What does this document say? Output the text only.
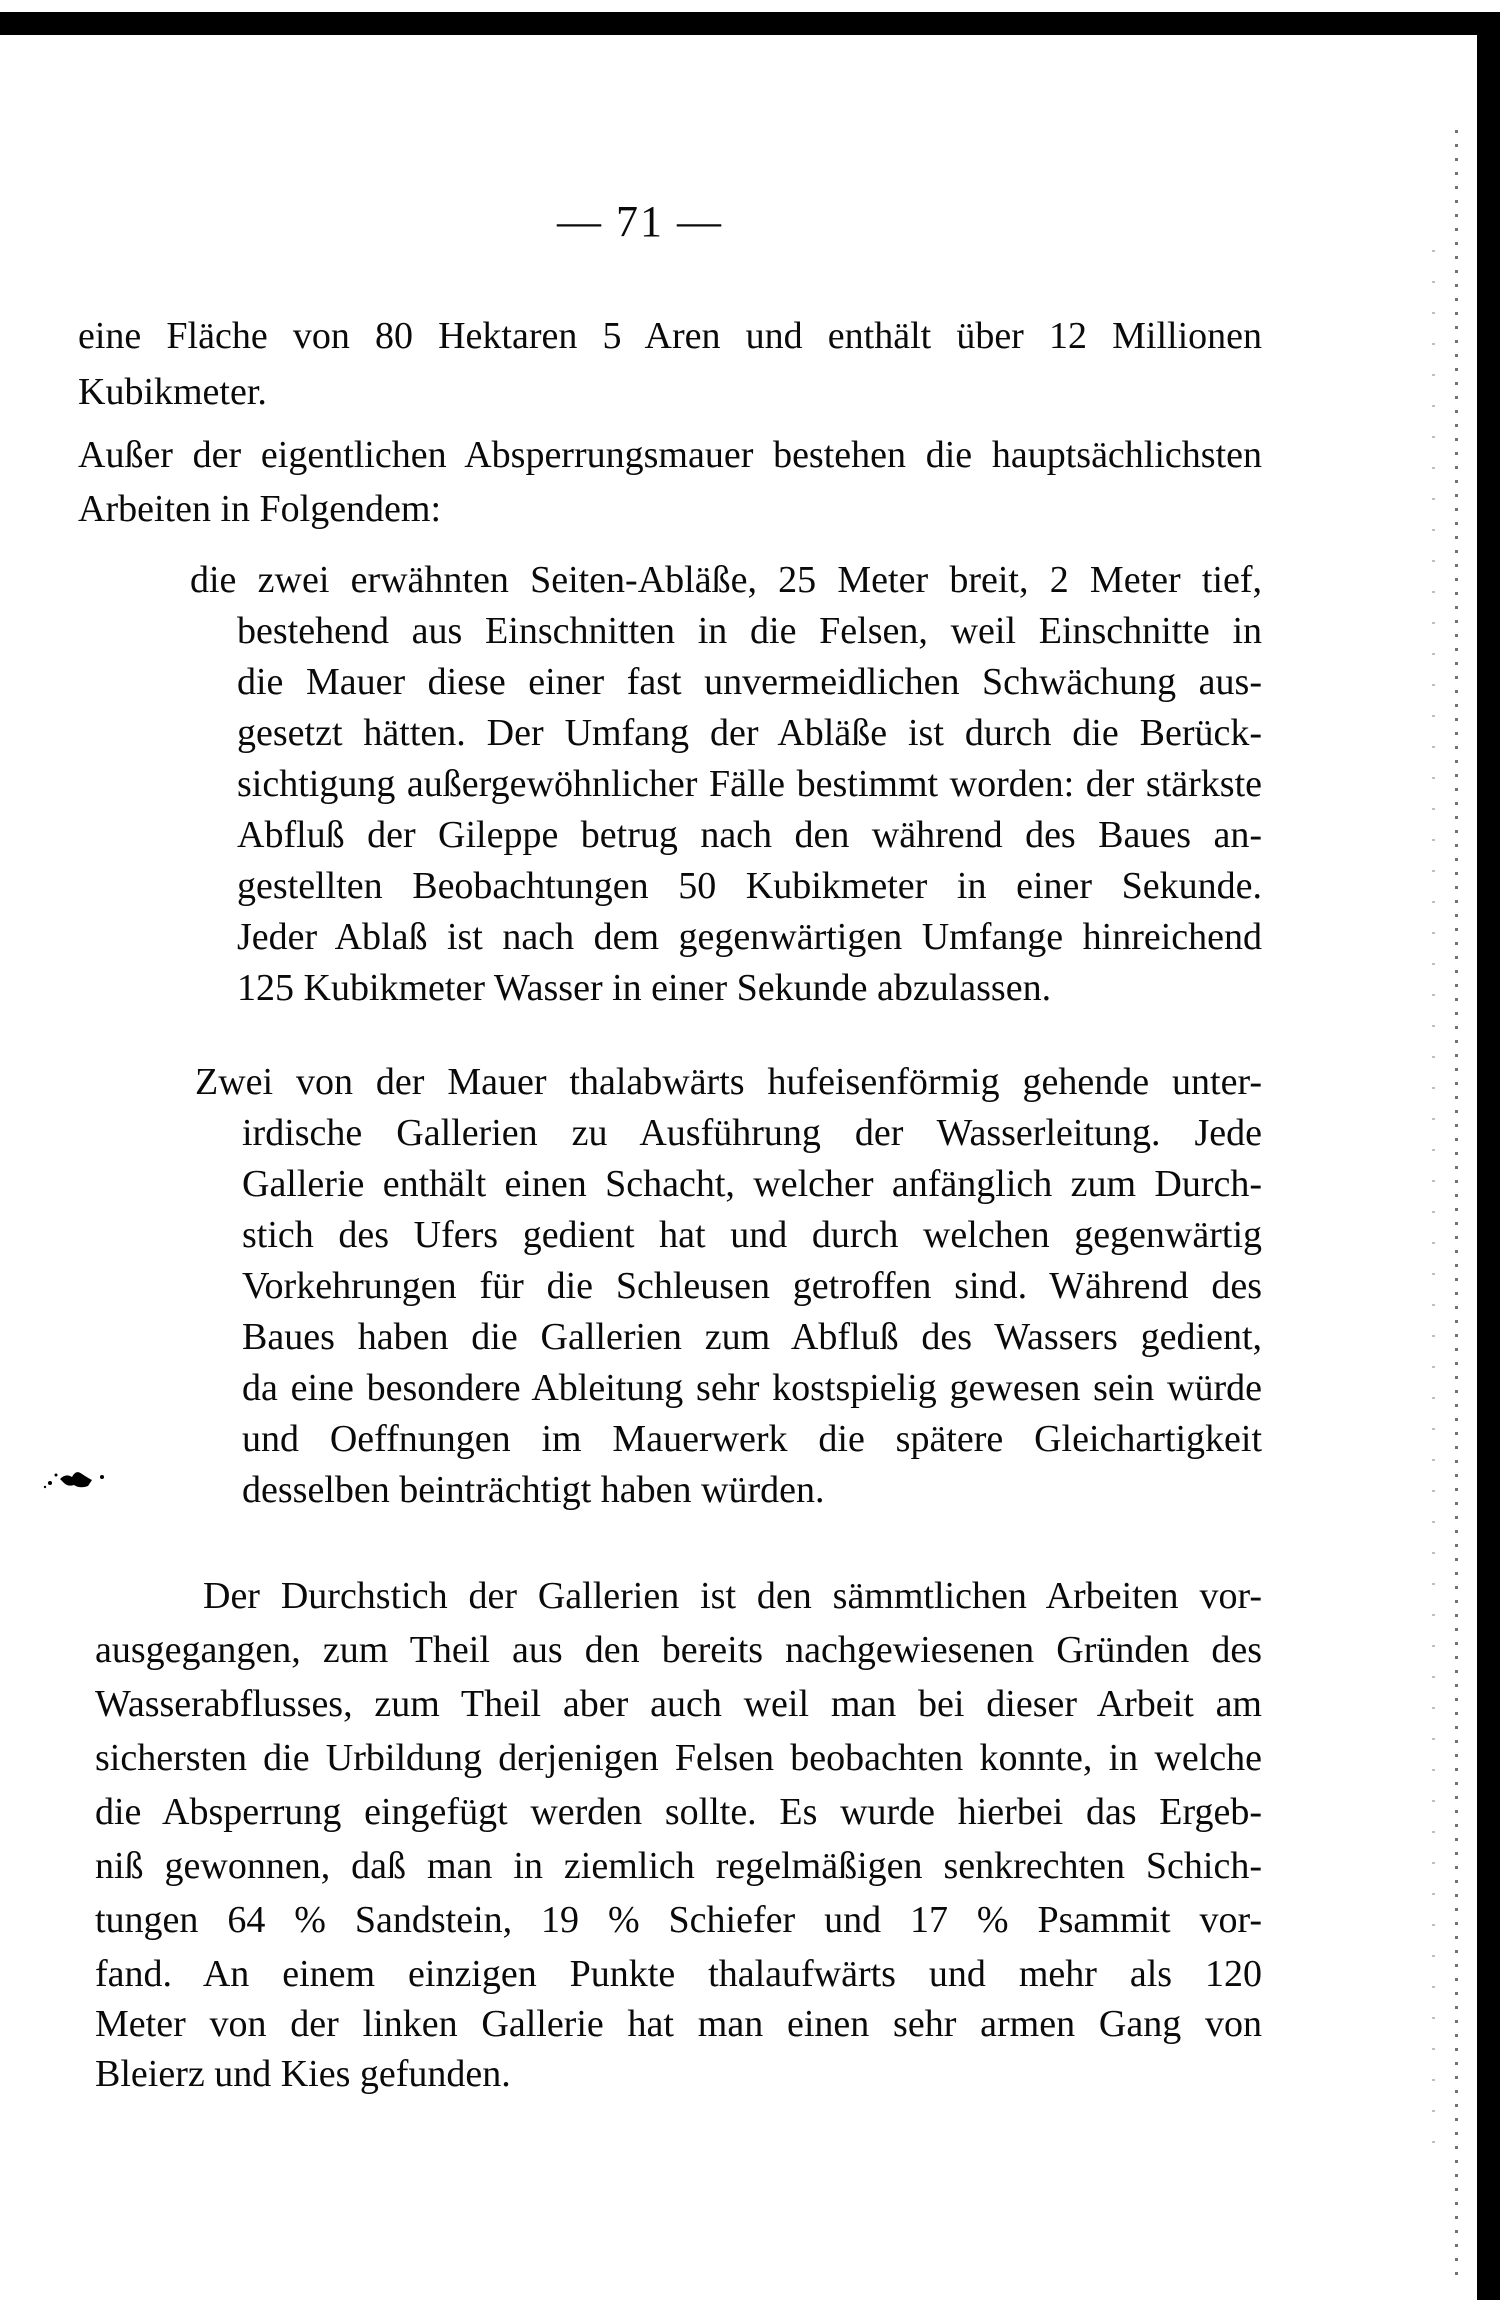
— 71 —
eine Fläche von 80 Hektaren 5 Aren und enthält über 12 Millionen
Kubikmeter.
Außer der eigentlichen Absperrungsmauer bestehen die hauptsächlichsten
Arbeiten in Folgendem:
die zwei erwähnten Seiten-Abläße, 25 Meter breit, 2 Meter tief,
bestehend aus Einschnitten in die Felsen, weil Einschnitte in
die Mauer diese einer fast unvermeidlichen Schwächung aus-
gesetzt hätten. Der Umfang der Abläße ist durch die Berück-
sichtigung außergewöhnlicher Fälle bestimmt worden: der stärkste
Abfluß der Gileppe betrug nach den während des Baues an-
gestellten Beobachtungen 50 Kubikmeter in einer Sekunde.
Jeder Ablaß ist nach dem gegenwärtigen Umfange hinreichend
125 Kubikmeter Wasser in einer Sekunde abzulassen.
Zwei von der Mauer thalabwärts hufeisenförmig gehende unter-
irdische Gallerien zu Ausführung der Wasserleitung. Jede
Gallerie enthält einen Schacht, welcher anfänglich zum Durch-
stich des Ufers gedient hat und durch welchen gegenwärtig
Vorkehrungen für die Schleusen getroffen sind. Während des
Baues haben die Gallerien zum Abfluß des Wassers gedient,
da eine besondere Ableitung sehr kostspielig gewesen sein würde
und Oeffnungen im Mauerwerk die spätere Gleichartigkeit
desselben beinträchtigt haben würden.
Der Durchstich der Gallerien ist den sämmtlichen Arbeiten vor-
ausgegangen, zum Theil aus den bereits nachgewiesenen Gründen des
Wasserabflusses, zum Theil aber auch weil man bei dieser Arbeit am
sichersten die Urbildung derjenigen Felsen beobachten konnte, in welche
die Absperrung eingefügt werden sollte. Es wurde hierbei das Ergeb-
niß gewonnen, daß man in ziemlich regelmäßigen senkrechten Schich-
tungen 64 % Sandstein, 19 % Schiefer und 17 % Psammit vor-
fand. An einem einzigen Punkte thalaufwärts und mehr als 120
Meter von der linken Gallerie hat man einen sehr armen Gang von
Bleierz und Kies gefunden.
